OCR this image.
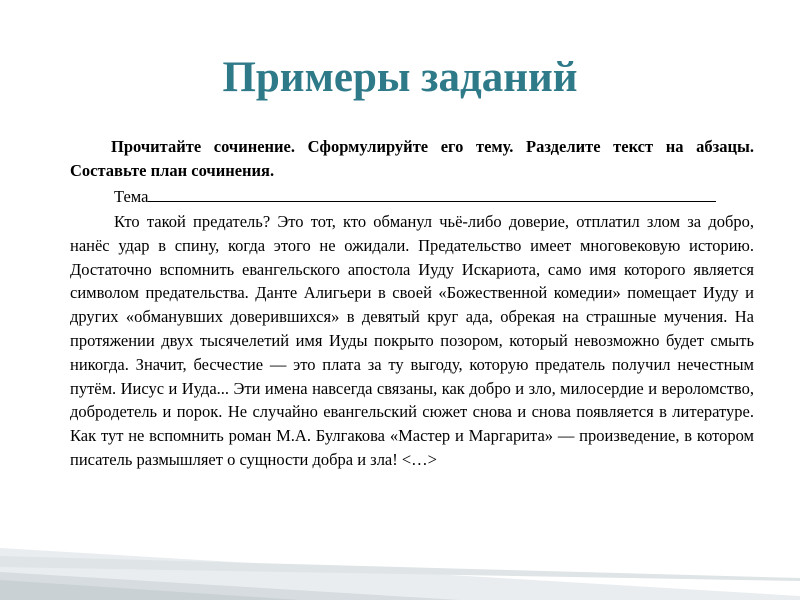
Примеры заданий

Прочитайте сочинение. Сформулируйте его тему. Разделите текст на абзацы. Составьте план сочинения.

Тема

Кто такой предатель? Это тот, кто обманул чьё-либо доверие, отплатил злом за добро, нанёс удар в спину, когда этого не ожидали. Предательство имеет многовековую историю. Достаточно вспомнить евангельского апостола Иуду Искариота, само имя которого является символом предательства. Данте Алигьери в своей «Божественной комедии» помещает Иуду и других «обманувших доверившихся» в девятый круг ада, обрекая на страшные мучения. На протяжении двух тысячелетий имя Иуды покрыто позором, который невозможно будет смыть никогда. Значит, бесчестие — это плата за ту выгоду, которую предатель получил нечестным путём. Иисус и Иуда... Эти имена навсегда связаны, как добро и зло, милосердие и вероломство, добродетель и порок. Не случайно евангельский сюжет снова и снова появляется в литературе. Как тут не вспомнить роман М.А. Булгакова «Мастер и Маргарита» — произведение, в котором писатель размышляет о сущности добра и зла! <…>
